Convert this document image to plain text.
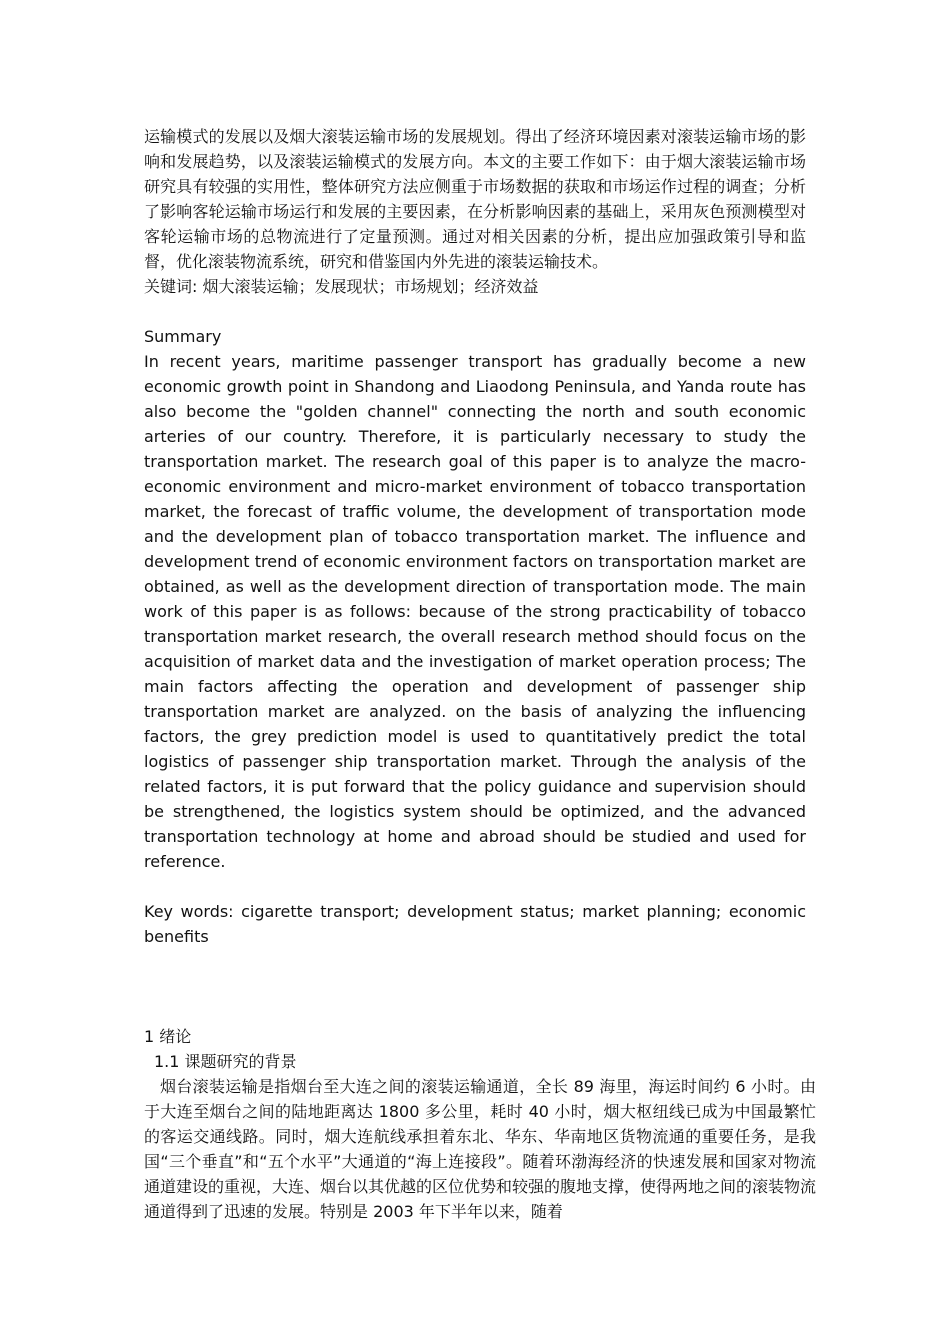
运输模式的发展以及烟大滚装运输市场的发展规划。得出了经济环境因素对滚装运输市场的影响和发展趋势，以及滚装运输模式的发展方向。本文的主要工作如下：由于烟大滚装运输市场研究具有较强的实用性，整体研究方法应侧重于市场数据的获取和市场运作过程的调查；分析了影响客轮运输市场运行和发展的主要因素，在分析影响因素的基础上，采用灰色预测模型对客轮运输市场的总物流进行了定量预测。通过对相关因素的分析，提出应加强政策引导和监督，优化滚装物流系统，研究和借鉴国内外先进的滚装运输技术。

关键词: 烟大滚装运输；发展现状；市场规划；经济效益

Summary

In recent years, maritime passenger transport has gradually become a new economic growth point in Shandong and Liaodong Peninsula, and Yanda route has also become the "golden channel" connecting the north and south economic arteries of our country. Therefore, it is particularly necessary to study the transportation market. The research goal of this paper is to analyze the macro-economic environment and micro-market environment of tobacco transportation market, the forecast of traffic volume, the development of transportation mode and the development plan of tobacco transportation market. The influence and development trend of economic environment factors on transportation market are obtained, as well as the development direction of transportation mode. The main work of this paper is as follows: because of the strong practicability of tobacco transportation market research, the overall research method should focus on the acquisition of market data and the investigation of market operation process; The main factors affecting the operation and development of passenger ship transportation market are analyzed. on the basis of analyzing the influencing factors, the grey prediction model is used to quantitatively predict the total logistics of passenger ship transportation market. Through the analysis of the related factors, it is put forward that the policy guidance and supervision should be strengthened, the logistics system should be optimized, and the advanced transportation technology at home and abroad should be studied and used for reference.

Key words: cigarette transport; development status; market planning; economic benefits

1 绪论
1.1 课题研究的背景

烟台滚装运输是指烟台至大连之间的滚装运输通道，全长 89 海里，海运时间约 6 小时。由于大连至烟台之间的陆地距离达 1800 多公里，耗时 40 小时，烟大枢纽线已成为中国最繁忙的客运交通线路。同时，烟大连航线承担着东北、华东、华南地区货物流通的重要任务，是我国“三个垂直”和“五个水平”大通道的“海上连接段”。随着环渤海经济的快速发展和国家对物流通道建设的重视，大连、烟台以其优越的区位优势和较强的腹地支撑，使得两地之间的滚装物流通道得到了迅速的发展。特别是 2003 年下半年以来，随着
